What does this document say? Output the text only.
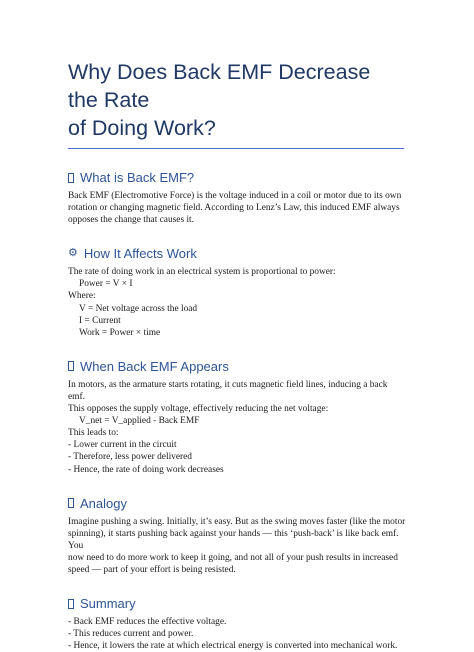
Why Does Back EMF Decrease the Rate
of Doing Work?
What is Back EMF?

Back EMF (Electromotive Force) is the voltage induced in a coil or motor due to its own

rotation or changing magnetic field. According to Lenz’s Law, this induced EMF always

opposes the change that causes it.

⚙ How It Affects Work

The rate of doing work in an electrical system is proportional to power:

Power = V × I

Where:

V = Net voltage across the load

I = Current

Work = Power × time

When Back EMF Appears

In motors, as the armature starts rotating, it cuts magnetic field lines, inducing a back emf.

This opposes the supply voltage, effectively reducing the net voltage:

V_net = V_applied - Back EMF

This leads to:

- Lower current in the circuit

- Therefore, less power delivered

- Hence, the rate of doing work decreases

Analogy

Imagine pushing a swing. Initially, it’s easy. But as the swing moves faster (like the motor

spinning), it starts pushing back against your hands — this ‘push-back’ is like back emf. You

now need to do more work to keep it going, and not all of your push results in increased

speed — part of your effort is being resisted.

Summary

- Back EMF reduces the effective voltage.

- This reduces current and power.

- Hence, it lowers the rate at which electrical energy is converted into mechanical work.
